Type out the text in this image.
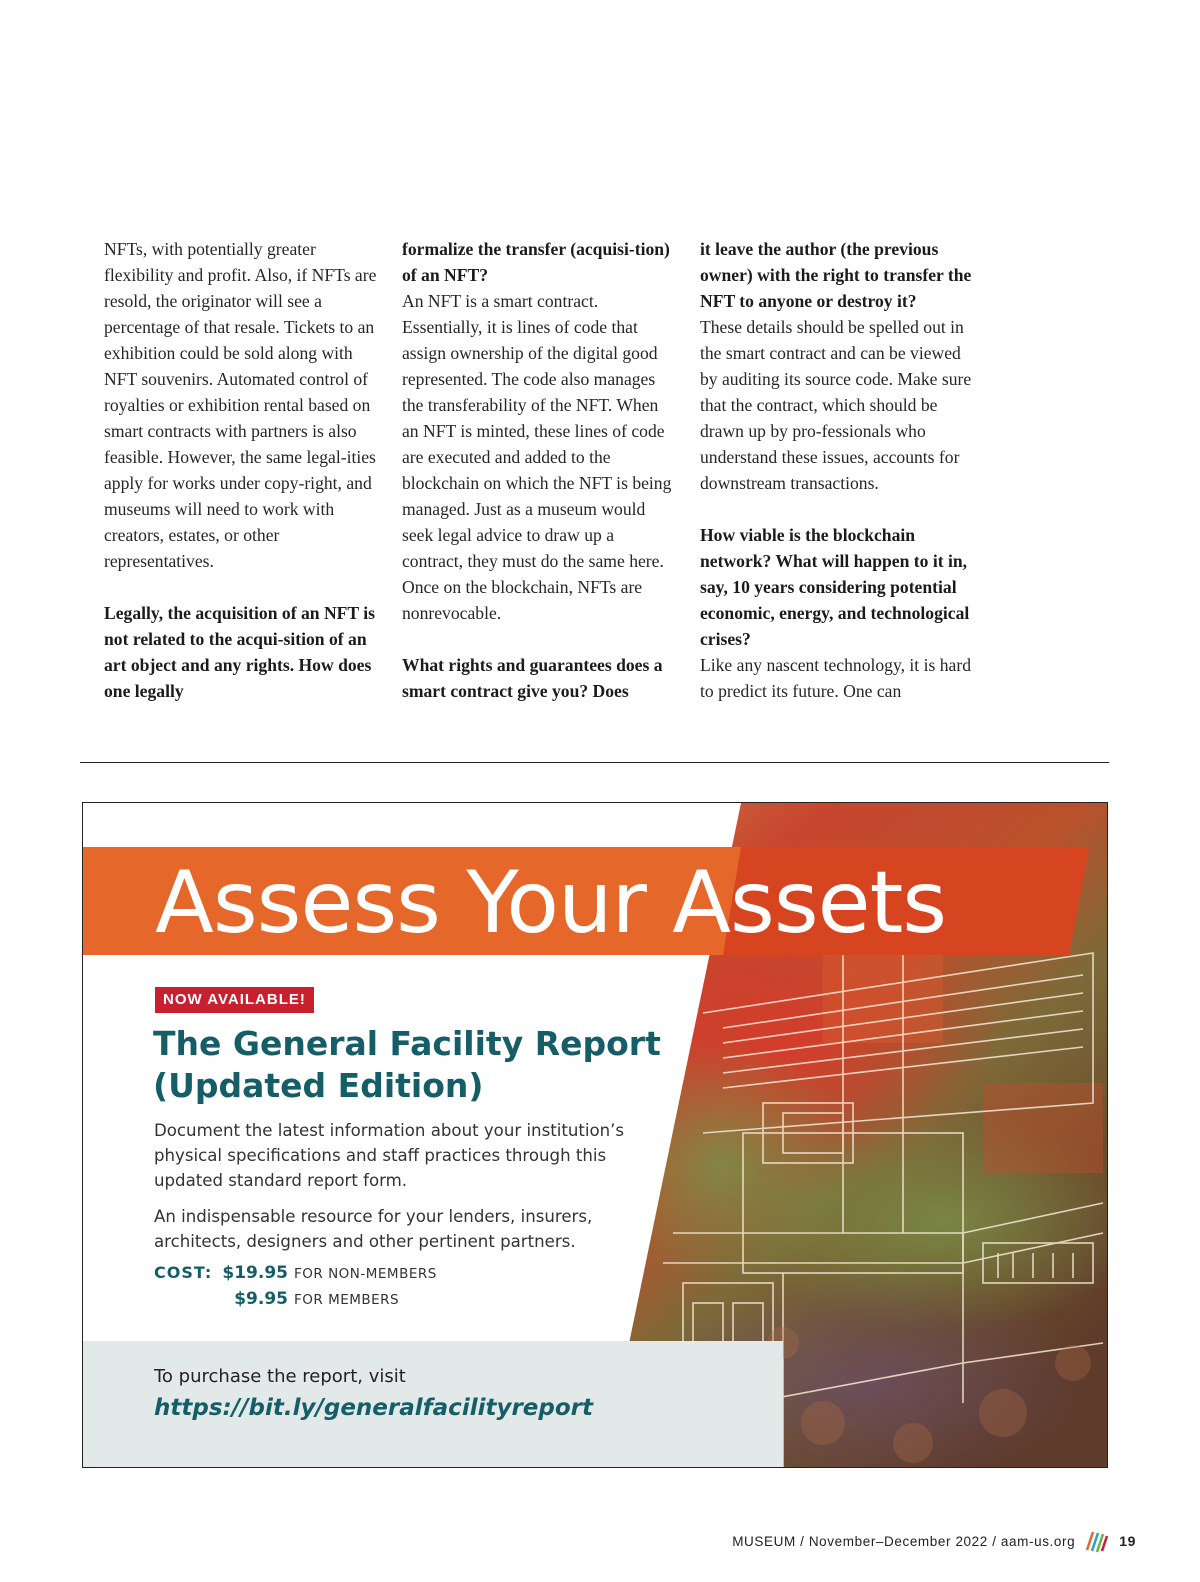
NFTs, with potentially greater flexibility and profit. Also, if NFTs are resold, the originator will see a percentage of that resale. Tickets to an exhibition could be sold along with NFT souvenirs. Automated control of royalties or exhibition rental based on smart contracts with partners is also feasible. However, the same legal-ities apply for works under copy-right, and museums will need to work with creators, estates, or other representatives.

Legally, the acquisition of an NFT is not related to the acqui-sition of an art object and any rights. How does one legally

formalize the transfer (acquisi-tion) of an NFT?

An NFT is a smart contract. Essentially, it is lines of code that assign ownership of the digital good represented. The code also manages the transferability of the NFT. When an NFT is minted, these lines of code are executed and added to the blockchain on which the NFT is being managed. Just as a museum would seek legal advice to draw up a contract, they must do the same here. Once on the blockchain, NFTs are nonrevocable.

What rights and guarantees does a smart contract give you? Does

it leave the author (the previous owner) with the right to transfer the NFT to anyone or destroy it?

These details should be spelled out in the smart contract and can be viewed by auditing its source code. Make sure that the contract, which should be drawn up by pro-fessionals who understand these issues, accounts for downstream transactions.

How viable is the blockchain network? What will happen to it in, say, 10 years considering potential economic, energy, and technological crises?

Like any nascent technology, it is hard to predict its future. One can

Assess Your Assets
NOW AVAILABLE!
The General Facility Report (Updated Edition)

Document the latest information about your institution’s physical specifications and staff practices through this updated standard report form.

An indispensable resource for your lenders, insurers, architects, designers and other pertinent partners.

COST: $19.95 FOR NON-MEMBERS
$9.95 FOR MEMBERS
To purchase the report, visit
https://bit.ly/generalfacilityreport
MUSEUM / November–December 2022 / aam-us.org	19
